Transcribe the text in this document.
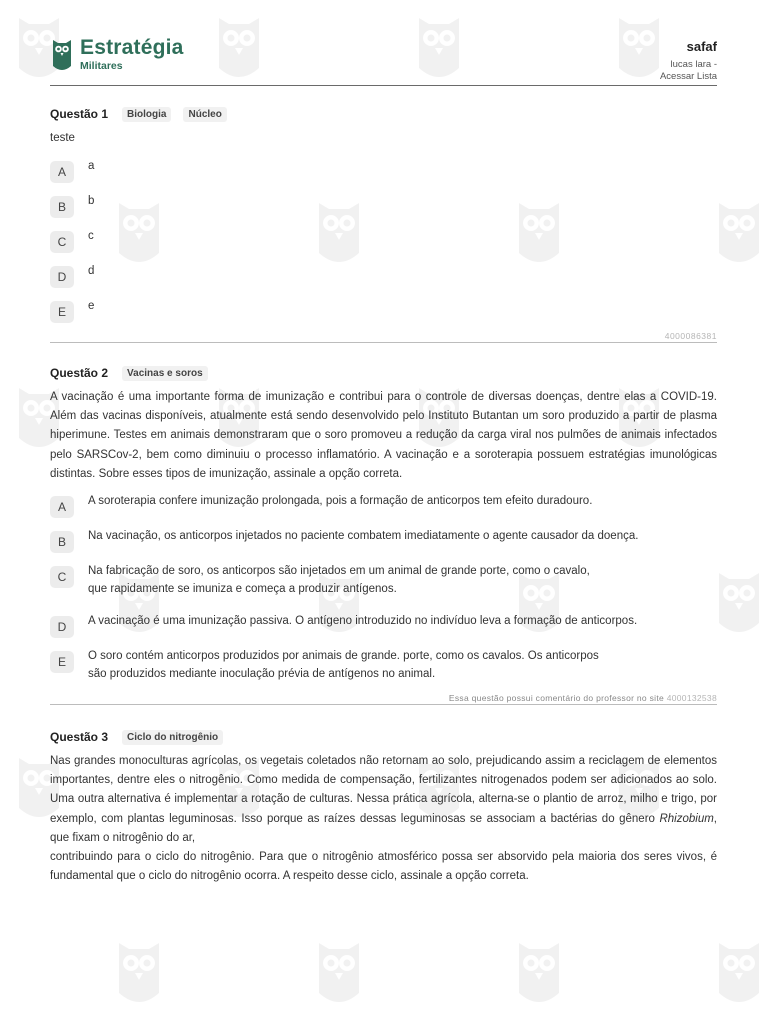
Estratégia
Militares
safaf
lucas lara -
Acessar Lista
Questão 1	Biologia	Núcleo
teste
A	a
B	b
C	c
D	d
E	e
4000086381
Questão 2	Vacinas e soros
A vacinação é uma importante forma de imunização e contribui para o controle de diversas doenças, dentre elas a COVID-19. Além das vacinas disponíveis, atualmente está sendo desenvolvido pelo Instituto Butantan um soro produzido a partir de plasma hiperimune. Testes em animais demonstraram que o soro promoveu a redução da carga viral nos pulmões de animais infectados pelo SARSCov-2, bem como diminuiu o processo inflamatório. A vacinação e a soroterapia possuem estratégias imunológicas distintas. Sobre esses tipos de imunização, assinale a opção correta.
A	A soroterapia confere imunização prolongada, pois a formação de anticorpos tem efeito duradouro.
B	Na vacinação, os anticorpos injetados no paciente combatem imediatamente o agente causador da doença.
C	Na fabricação de soro, os anticorpos são injetados em um animal de grande porte, como o cavalo,
que rapidamente se imuniza e começa a produzir antígenos.
D	A vacinação é uma imunização passiva. O antígeno introduzido no indivíduo leva a formação de anticorpos.
E	O soro contém anticorpos produzidos por animais de grande. porte, como os cavalos. Os anticorpos
são produzidos mediante inoculação prévia de antígenos no animal.
Essa questão possui comentário do professor no site 4000132538
Questão 3	Ciclo do nitrogênio
Nas grandes monoculturas agrícolas, os vegetais coletados não retornam ao solo, prejudicando assim a reciclagem de elementos importantes, dentre eles o nitrogênio. Como medida de compensação, fertilizantes nitrogenados podem ser adicionados ao solo. Uma outra alternativa é implementar a rotação de culturas. Nessa prática agrícola, alterna-se o plantio de arroz, milho e trigo, por exemplo, com plantas leguminosas. Isso porque as raízes dessas leguminosas se associam a bactérias do gênero Rhizobium, que fixam o nitrogênio do ar,
contribuindo para o ciclo do nitrogênio. Para que o nitrogênio atmosférico possa ser absorvido pela maioria dos seres vivos, é fundamental que o ciclo do nitrogênio ocorra. A respeito desse ciclo, assinale a opção correta.
